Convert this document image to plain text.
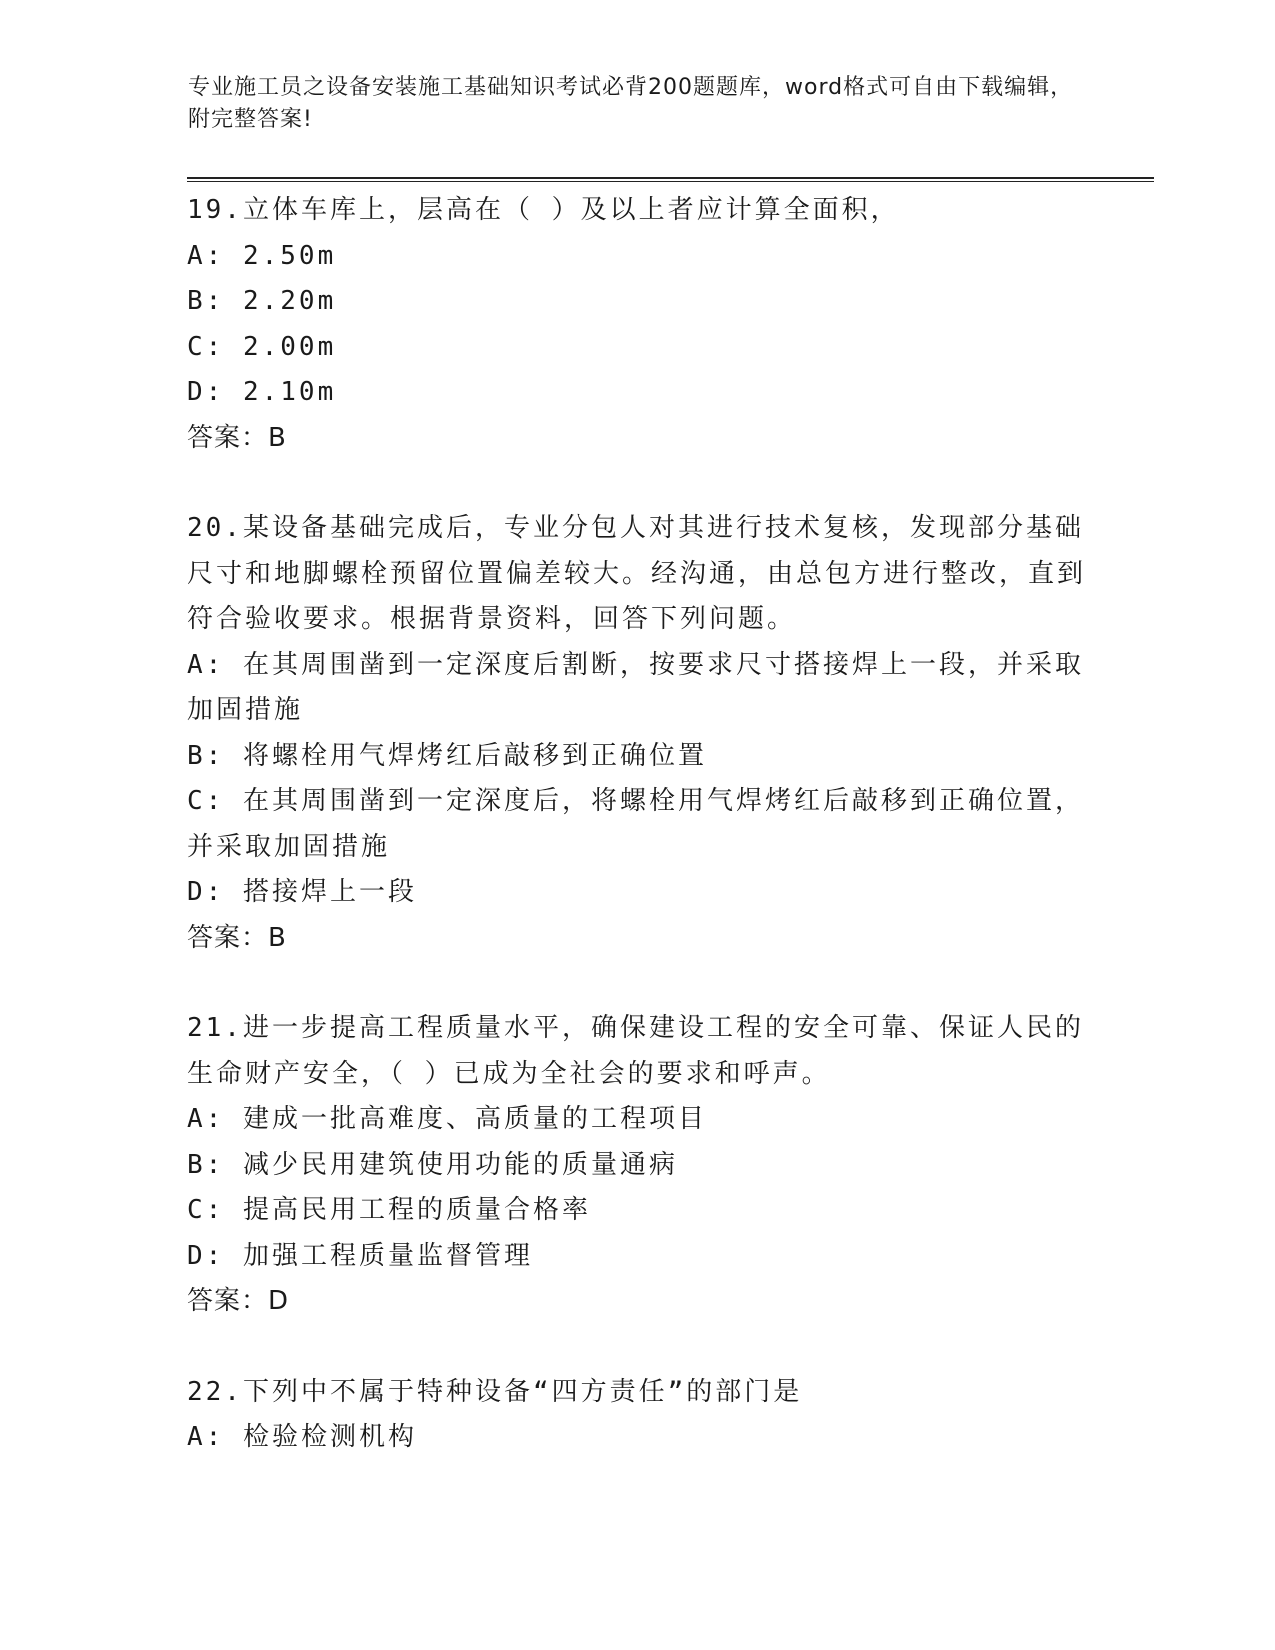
专业施工员之设备安装施工基础知识考试必背200题题库，word格式可自由下载编辑，附完整答案!

19.立体车库上，层高在（ ）及以上者应计算全面积，

A: 2.50m

B: 2.20m

C: 2.00m

D: 2.10m

答案：B

20.某设备基础完成后，专业分包人对其进行技术复核，发现部分基础尺寸和地脚螺栓预留位置偏差较大。经沟通，由总包方进行整改，直到符合验收要求。根据背景资料，回答下列问题。

A: 在其周围凿到一定深度后割断，按要求尺寸搭接焊上一段，并采取加固措施

B: 将螺栓用气焊烤红后敲移到正确位置

C: 在其周围凿到一定深度后，将螺栓用气焊烤红后敲移到正确位置，并采取加固措施

D: 搭接焊上一段

答案：B

21.进一步提高工程质量水平，确保建设工程的安全可靠、保证人民的生命财产安全，（ ）已成为全社会的要求和呼声。

A: 建成一批高难度、高质量的工程项目

B: 减少民用建筑使用功能的质量通病

C: 提高民用工程的质量合格率

D: 加强工程质量监督管理

答案：D

22.下列中不属于特种设备“四方责任”的部门是

A: 检验检测机构
